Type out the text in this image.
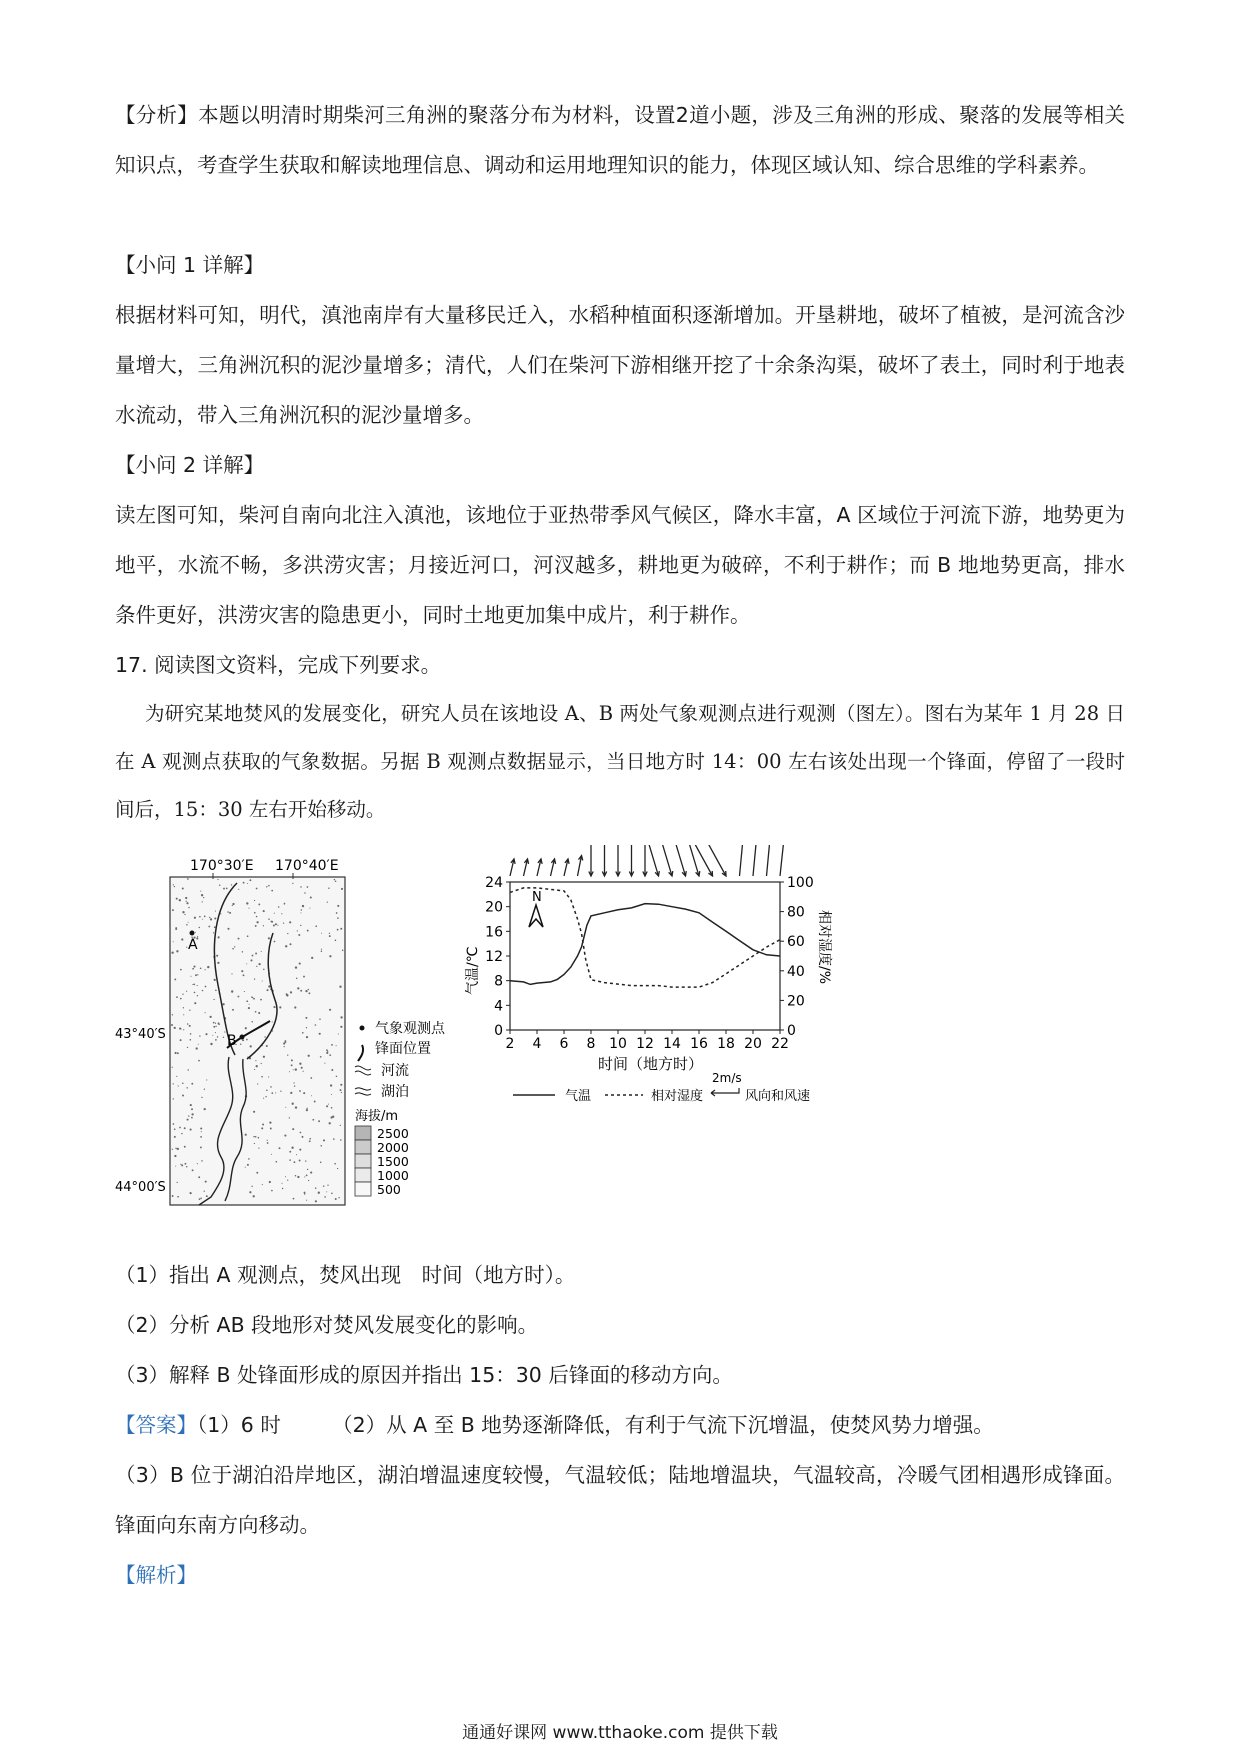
【分析】本题以明清时期柴河三角洲的聚落分布为材料，设置2道小题，涉及三角洲的形成、聚落的发展等相关知识点，考查学生获取和解读地理信息、调动和运用地理知识的能力，体现区域认知、综合思维的学科素养。

【小问 1 详解】

根据材料可知，明代，滇池南岸有大量移民迁入，水稻种植面积逐渐增加。开垦耕地，破坏了植被，是河流含沙量增大，三角洲沉积的泥沙量增多；清代，人们在柴河下游相继开挖了十余条沟渠，破坏了表土，同时利于地表水流动，带入三角洲沉积的泥沙量增多。

【小问 2 详解】

读左图可知，柴河自南向北注入滇池，该地位于亚热带季风气候区，降水丰富，A 区域位于河流下游，地势更为地平，水流不畅，多洪涝灾害；月接近河口，河汊越多，耕地更为破碎，不利于耕作；而 B 地地势更高，排水条件更好，洪涝灾害的隐患更小，同时土地更加集中成片，利于耕作。

17. 阅读图文资料，完成下列要求。

为研究某地焚风的发展变化，研究人员在该地设 A、B 两处气象观测点进行观测（图左）。图右为某年 1 月 28 日在 A 观测点获取的气象数据。另据 B 观测点数据显示，当日地方时 14：00 左右该处出现一个锋面，停留了一段时间后，15：30 左右开始移动。

170°30′E 170°40′E
43°40′S
44°00′S
A
B
气象观测点
锋面位置
河流
湖泊
海拔/m
2500
2000
1500
1000
500
N
2 4 6 8 10 12 14 16 18 20 22
0
4
8
12
16
20
24
0
20
40
60
80
100
气温/℃	相对湿度/%
时间（地方时）
气温	相对湿度
2m/s
风向和风速

（1）指出 A 观测点，焚风出现　时间（地方时）。

（2）分析 AB 段地形对焚风发展变化的影响。

（3）解释 B 处锋面形成的原因并指出 15：30 后锋面的移动方向。

【答案】（1）6 时　　　	（2）从 A 至 B 地势逐渐降低，有利于气流下沉增温，使焚风势力增强。

（3）B 位于湖泊沿岸地区，湖泊增温速度较慢，气温较低；陆地增温块，气温较高，冷暖气团相遇形成锋面。锋面向东南方向移动。

【解析】

通通好课网 www.tthaoke.com 提供下载
